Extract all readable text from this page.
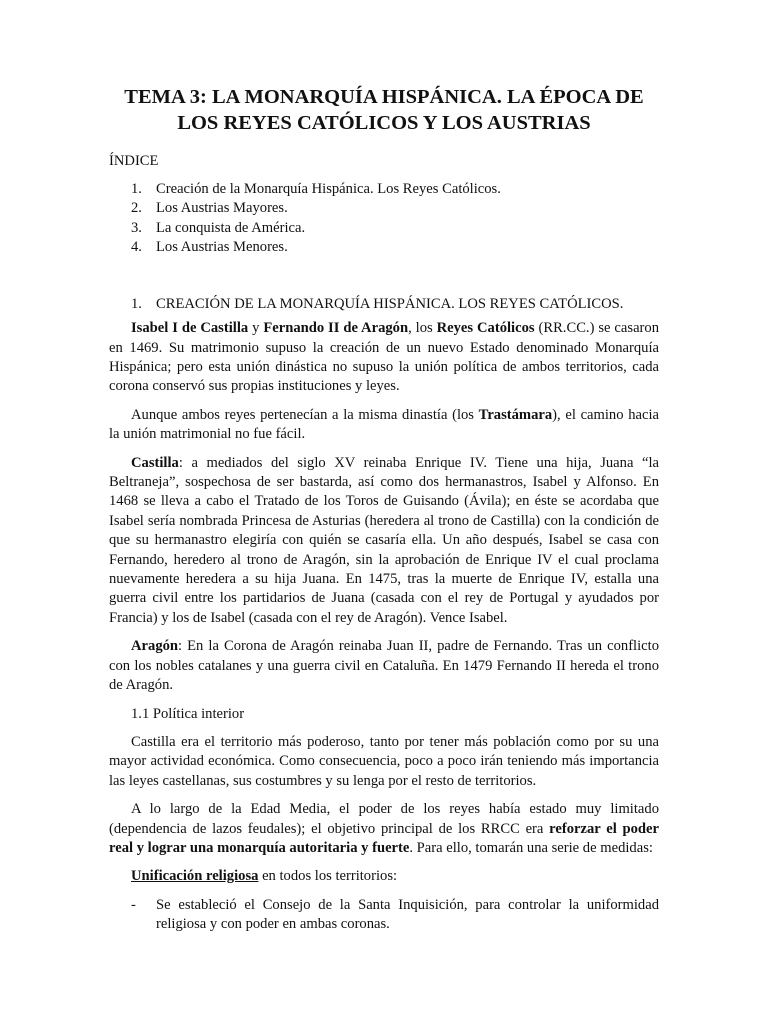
TEMA 3: LA MONARQUÍA HISPÁNICA. LA ÉPOCA DE
LOS REYES CATÓLICOS Y LOS AUSTRIAS
ÍNDICE
1. Creación de la Monarquía Hispánica. Los Reyes Católicos.
2. Los Austrias Mayores.
3. La conquista de América.
4. Los Austrias Menores.
1. CREACIÓN DE LA MONARQUÍA HISPÁNICA. LOS REYES CATÓLICOS.

Isabel I de Castilla y Fernando II de Aragón, los Reyes Católicos (RR.CC.) se casaron en 1469. Su matrimonio supuso la creación de un nuevo Estado denominado Monarquía Hispánica; pero esta unión dinástica no supuso la unión política de ambos territorios, cada corona conservó sus propias instituciones y leyes.

Aunque ambos reyes pertenecían a la misma dinastía (los Trastámara), el camino hacia la unión matrimonial no fue fácil.

Castilla: a mediados del siglo XV reinaba Enrique IV. Tiene una hija, Juana “la Beltraneja”, sospechosa de ser bastarda, así como dos hermanastros, Isabel y Alfonso. En 1468 se lleva a cabo el Tratado de los Toros de Guisando (Ávila); en éste se acordaba que Isabel sería nombrada Princesa de Asturias (heredera al trono de Castilla) con la condición de que su hermanastro elegiría con quién se casaría ella. Un año después, Isabel se casa con Fernando, heredero al trono de Aragón, sin la aprobación de Enrique IV el cual proclama nuevamente heredera a su hija Juana. En 1475, tras la muerte de Enrique IV, estalla una guerra civil entre los partidarios de Juana (casada con el rey de Portugal y ayudados por Francia) y los de Isabel (casada con el rey de Aragón). Vence Isabel.

Aragón: En la Corona de Aragón reinaba Juan II, padre de Fernando. Tras un conflicto con los nobles catalanes y una guerra civil en Cataluña. En 1479 Fernando II hereda el trono de Aragón.

1.1 Política interior

Castilla era el territorio más poderoso, tanto por tener más población como por su una mayor actividad económica. Como consecuencia, poco a poco irán teniendo más importancia las leyes castellanas, sus costumbres y su lenga por el resto de territorios.

A lo largo de la Edad Media, el poder de los reyes había estado muy limitado (dependencia de lazos feudales); el objetivo principal de los RRCC era reforzar el poder real y lograr una monarquía autoritaria y fuerte. Para ello, tomarán una serie de medidas:

Unificación religiosa en todos los territorios:

- Se estableció el Consejo de la Santa Inquisición, para controlar la uniformidad religiosa y con poder en ambas coronas.
